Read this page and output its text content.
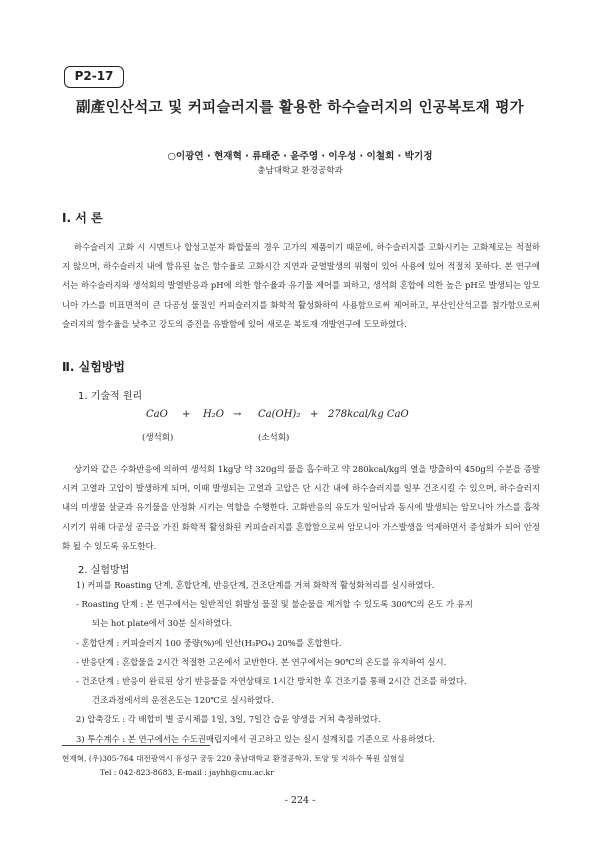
P2-17
副產인산석고 및 커피슬러지를 활용한 하수슬러지의 인공복토재 평가
○이광연 · 현재혁 · 류태준 · 윤주영 · 이우성 · 이철희 · 박기정
충남대학교 환경공학과
Ⅰ. 서 론
하수슬러지 고화 시 시멘트나 합성고분자 화합물의 경우 고가의 제품이기 때문에, 하수슬러지를 고화시키는 고화제로는 적절하지 않으며, 하수슬러지 내에 함유된 높은 함수율로 고화시간 지연과 균열발생의 위험이 있어 사용에 있어 적절치 못하다. 본 연구에서는 하수슬러지와 생석회의 발열반응과 pH에 의한 함수율과 유기물 제어를 피하고, 생석회 혼합에 의한 높은 pH로 발생되는 암모니아 가스를 비표면적이 큰 다공성 물질인 커피슬러지를 화학적 활성화하여 사용함으로써 제어하고, 부산인산석고를 첨가함으로써 슬러지의 함수율을 낮추고 강도의 증진을 유발함에 있어 새로운 복토재 개발연구에 도모하였다.
Ⅱ. 실험방법
1. 기술적 원리
CaO + H₂O → Ca(OH)₂ + 278kcal/kg CaO
(생석회)	(소석회)
상기와 같은 수화반응에 의하여 생석회 1kg당 약 320g의 물을 흡수하고 약 280kcal/kg의 열을 방출하여 450g의 수분을 증발시켜 고열과 고압이 발생하게 되며, 이때 발생되는 고열과 고압은 단 시간 내에 하수슬러지를 일부 건조시킬 수 있으며, 하수슬러지 내의 미생물 살균과 유기물을 안정화 시키는 역할을 수행한다. 고화반응의 유도가 일어남과 동시에 발생되는 암모니아 가스를 흡착시키기 위해 다공성 공극을 가진 화학적 활성화된 커피슬러지를 혼합함으로써 암모니아 가스발생을 억제하면서 증성화가 되어 안정화 될 수 있도록 유도한다.
2. 실험방법
1) 커피를 Roasting 단계, 혼합단계, 반응단계, 건조단계를 거쳐 화학적 활성화처리를 실시하였다.
- Roasting 단계 : 본 연구에서는 일반적인 휘발성 물질 및 불순물을 제거할 수 있도록 300℃의 온도 가 유지
되는 hot plate에서 30분 실시하였다.
- 혼합단계 : 커피슬러지 100 중량(%)에 인산(H₃PO₄) 20%를 혼합한다.
- 반응단계 : 혼합물을 2시간 적절한 고온에서 교반한다. 본 연구에서는 90℃의 온도를 유지하여 실시.
- 건조단계 : 반응이 완료된 상기 반응물을 자연상태로 1시간 방치한 후 건조기를 통해 2시간 건조를 하였다.
건조과정에서의 운전온도는 120℃로 실시하였다.
2) 압축강도 : 각 배합비 별 공시체를 1일, 3일, 7일간 습윤 양생을 거쳐 측정하였다.
3) 투수계수 : 본 연구에서는 수도권매립지에서 권고하고 있는 실시 설계치를 기준으로 사용하였다.
현재혁, (우)305-764 대전광역시 유성구 궁동 220 충남대학교 환경공학과, 토양 및 지하수 복원 실험실
Tel : 042-823-8683, E-mail : jayhh@cnu.ac.kr
- 224 -
